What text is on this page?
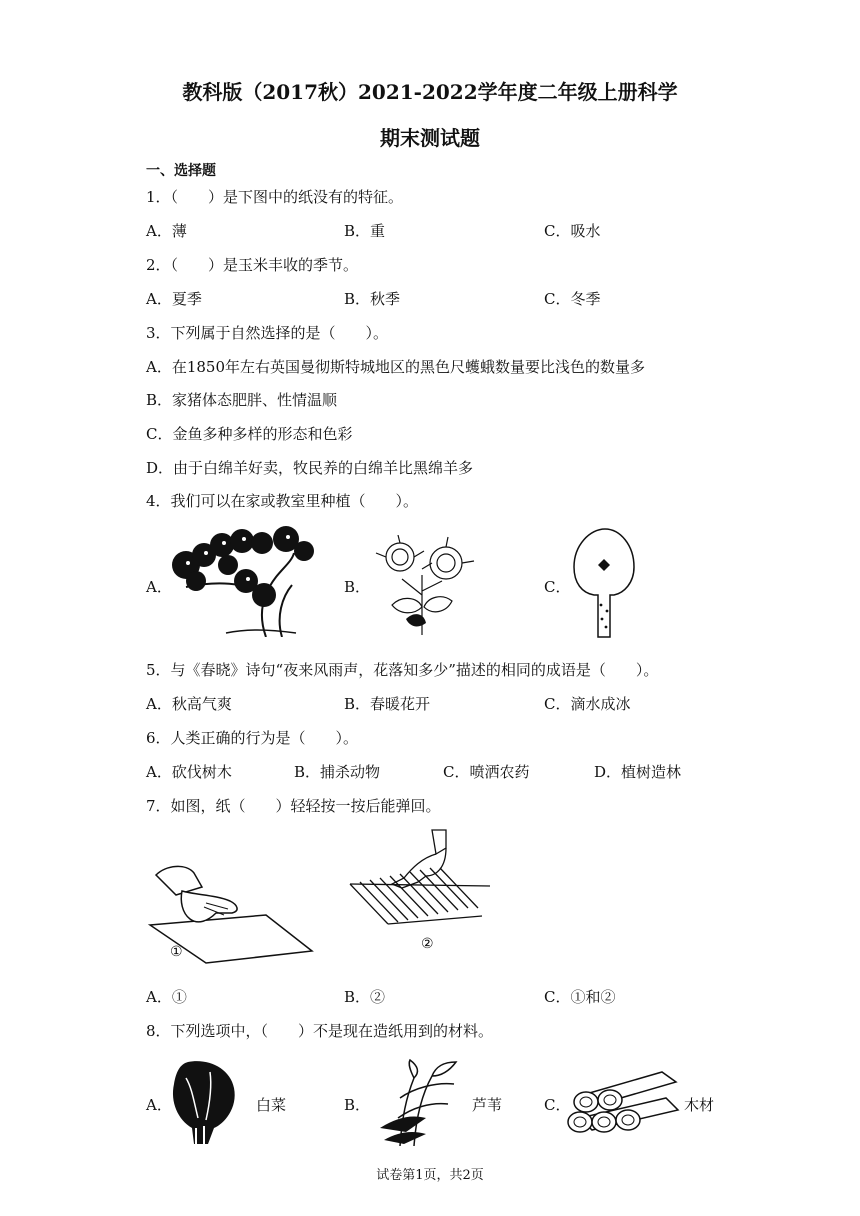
教科版（2017秋）2021-2022学年度二年级上册科学
期末测试题
一、选择题
1．（　　）是下图中的纸没有的特征。
A．薄	B．重	C．吸水
2．（　　）是玉米丰收的季节。
A．夏季	B．秋季	C．冬季
3．下列属于自然选择的是（　　）。
A．在1850年左右英国曼彻斯特城地区的黑色尺蠖蛾数量要比浅色的数量多
B．家猪体态肥胖、性情温顺
C．金鱼多种多样的形态和色彩
D．由于白绵羊好卖，牧民养的白绵羊比黑绵羊多
4．我们可以在家或教室里种植（　　）。
A．	B．	C．
5．与《春晓》诗句“夜来风雨声，花落知多少”描述的相同的成语是（　　）。
A．秋高气爽	B．春暖花开	C．滴水成冰
6．人类正确的行为是（　　）。
A．砍伐树木	B．捕杀动物	C．喷洒农药	D．植树造林
7．如图，纸（　　）轻轻按一按后能弹回。
①	②
A．①	B．②	C．①和②
8．下列选项中，（　　）不是现在造纸用到的材料。
A．	白菜	B．	芦苇	C．	木材
试卷第1页，共2页
